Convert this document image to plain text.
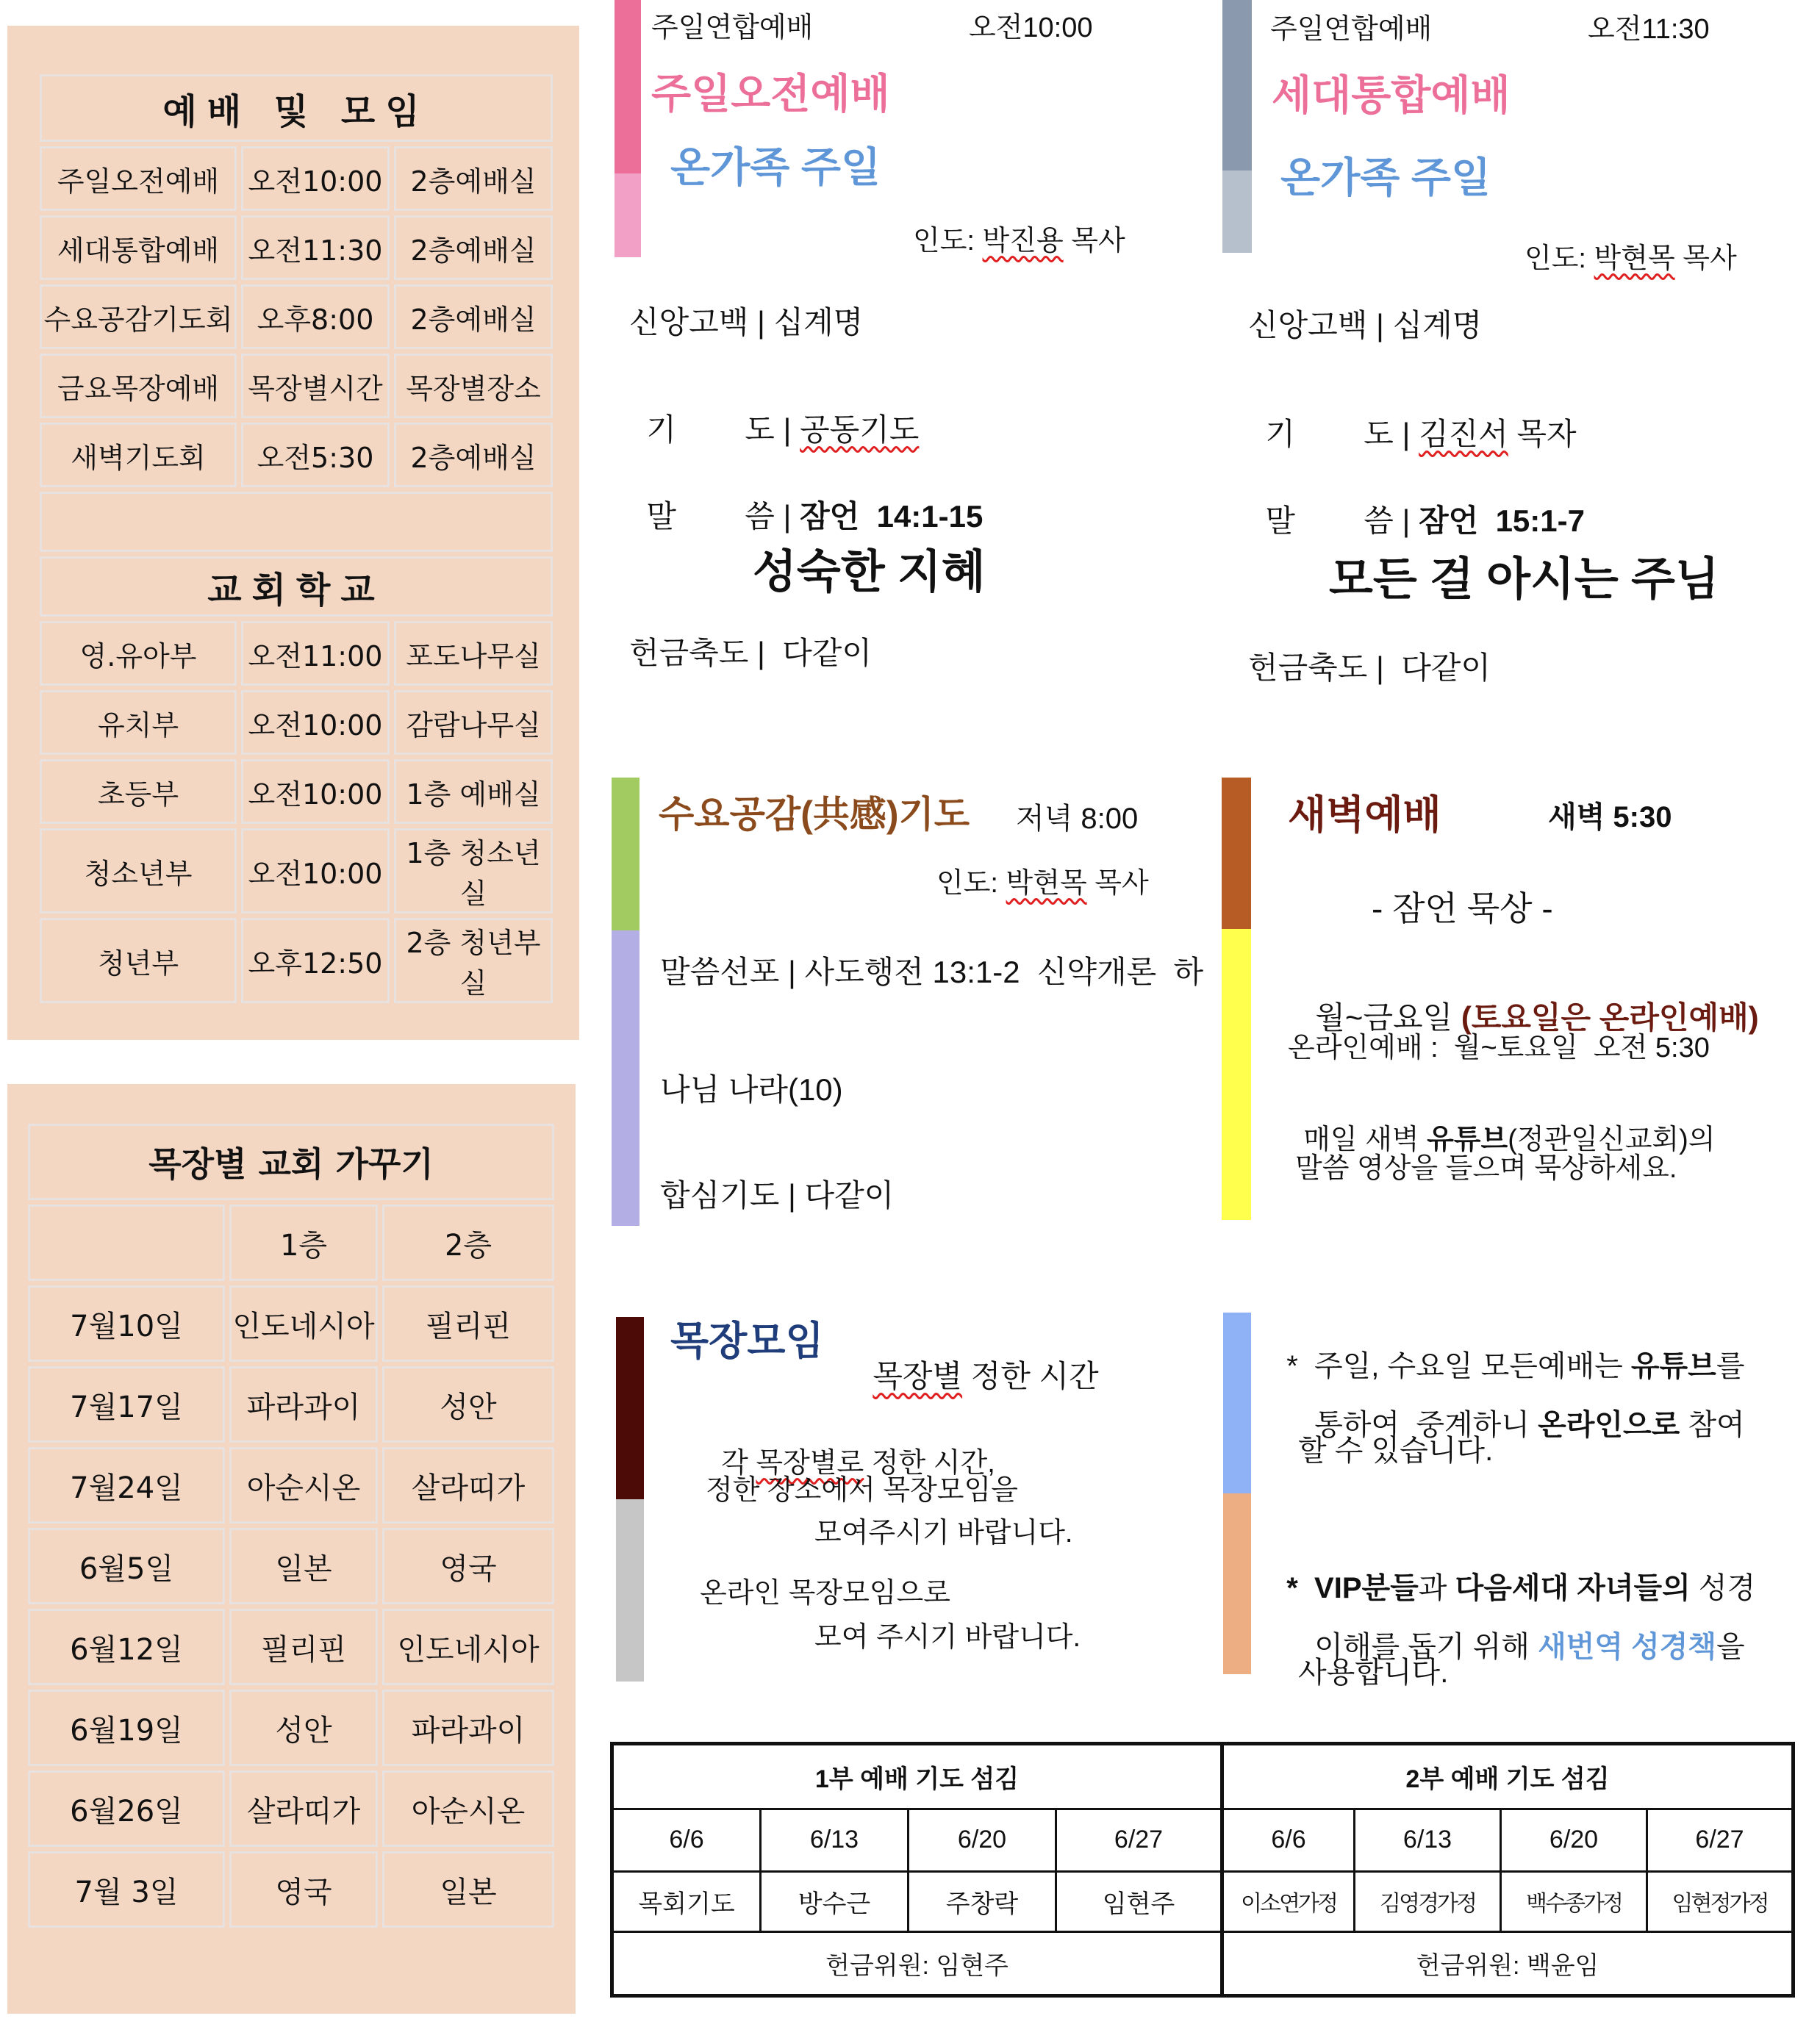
예배 및 모임		
주일오전예배	오전10:00	2층예배실
세대통합예배	오전11:30	2층예배실
수요공감기도회	오후8:00	2층예배실
금요목장예배	목장별시간	목장별장소
새벽기도회	오전5:30	2층예배실

교회학교		
영.유아부	오전11:00	포도나무실
유치부	오전10:00	감람나무실
초등부	오전10:00	1층 예배실
청소년부	오전10:00	1층 청소년실
청년부	오후12:50	2층 청년부실
목장별 교회 가꾸기		
	1층	2층
7월10일	인도네시아	필리핀
7월17일	파라과이	성안
7월24일	아순시온	살라띠가
6월5일	일본	영국
6월12일	필리핀	인도네시아
6월19일	성안	파라과이
6월26일	살라띠가	아순시온
7월 3일	영국	일본
주일연합예배	오전10:00
주일오전예배
온가족 주일
인도: 박진용 목사
신앙고백 | 십계명

기        도 | 공동기도

말        씀 | 잠언  14:1-15

성숙한 지혜
헌금축도 |  다같이
주일연합예배	오전11:30
세대통합예배
온가족 주일
인도: 박현목 목사
신앙고백 | 십계명

기        도 | 김진서 목자

말        씀 | 잠언  15:1-7

모든 걸 아시는 주님
헌금축도 |  다같이
수요공감(共感)기도 저녁 8:00
인도: 박현목 목사
말씀선포 | 사도행전 13:1-2  신약개론  하
나님 나라(10)
합심기도 | 다같이
새벽예배	새벽 5:30
- 잠언 묵상 -

월~금요일 (토요일은 온라인예배)

온라인예배 :  월~토요일  오전 5:30

매일 새벽 유튜브(정관일신교회)의

말씀 영상을 들으며 묵상하세요.
목장모임

목장별 정한 시간

각 목장별로 정한 시간,

정한 장소에서 목장모임을
모여주시기 바랍니다.
온라인 목장모임으로
모여 주시기 바랍니다.

*  주일, 수요일 모든예배는 유튜브를

통하여  중계하니 온라인으로 참여

할 수 있습니다.

*  VIP분들과 다음세대 자녀들의 성경

이해를 돕기 위해 새번역 성경책을

사용합니다.
1부 예배 기도 섬김				2부 예배 기도 섬김			
6/6	6/13	6/20	6/27	6/6	6/13	6/20	6/27
목회기도	방수근	주창락	임현주	이소연가정	김영경가정	백수종가정	임현정가정
헌금위원: 임현주				헌금위원: 백윤임			
